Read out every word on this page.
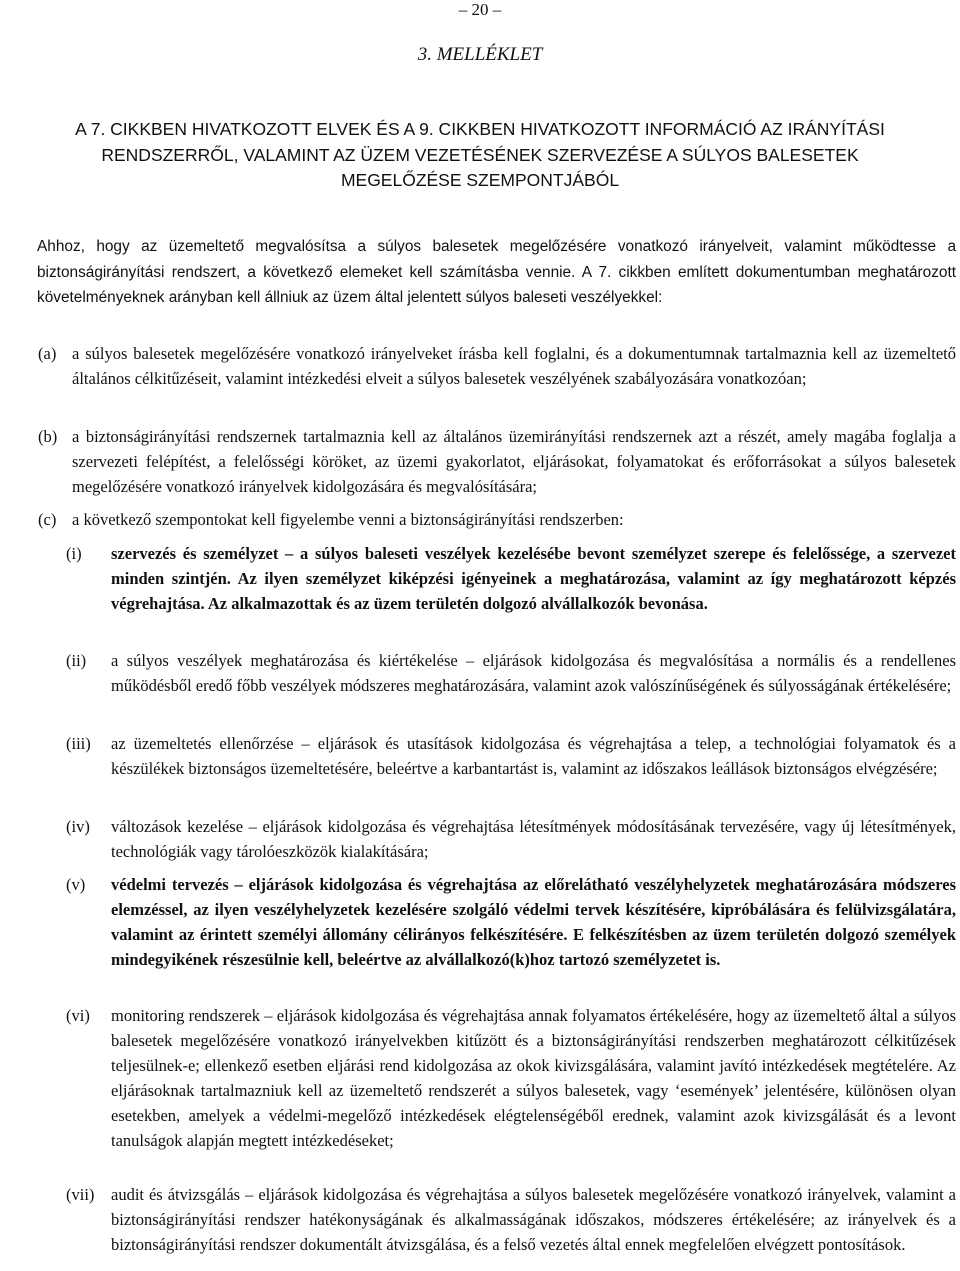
– 20 –
3. MELLÉKLET
A 7. CIKKBEN HIVATKOZOTT ELVEK ÉS A 9. CIKKBEN HIVATKOZOTT INFORMÁCIÓ AZ IRÁNYÍTÁSI
RENDSZERRŐL, VALAMINT AZ ÜZEM VEZETÉSÉNEK SZERVEZÉSE A SÚLYOS BALESETEK
MEGELŐZÉSE SZEMPONTJÁBÓL

Ahhoz, hogy az üzemeltető megvalósítsa a súlyos balesetek megelőzésére vonatkozó irányelveit, valamint működtesse a biztonságirányítási rendszert, a következő elemeket kell számításba vennie. A 7. cikkben említett dokumentumban meghatározott követelményeknek arányban kell állniuk az üzem által jelentett súlyos baleseti veszélyekkel:

(a) a súlyos balesetek megelőzésére vonatkozó irányelveket írásba kell foglalni, és a dokumentumnak tartalmaznia kell az üzemeltető általános célkitűzéseit, valamint intézkedési elveit a súlyos balesetek veszélyének szabályozására vonatkozóan;
(b) a biztonságirányítási rendszernek tartalmaznia kell az általános üzemirányítási rendszernek azt a részét, amely magába foglalja a szervezeti felépítést, a felelősségi köröket, az üzemi gyakorlatot, eljárásokat, folyamatokat és erőforrásokat a súlyos balesetek megelőzésére vonatkozó irányelvek kidolgozására és megvalósítására;
(c) a következő szempontokat kell figyelembe venni a biztonságirányítási rendszerben:
(i) szervezés és személyzet – a súlyos baleseti veszélyek kezelésébe bevont személyzet szerepe és felelőssége, a szervezet minden szintjén. Az ilyen személyzet kiképzési igényeinek a meghatározása, valamint az így meghatározott képzés végrehajtása. Az alkalmazottak és az üzem területén dolgozó alvállalkozók bevonása.
(ii) a súlyos veszélyek meghatározása és kiértékelése – eljárások kidolgozása és megvalósítása a normális és a rendellenes működésből eredő főbb veszélyek módszeres meghatározására, valamint azok valószínűségének és súlyosságának értékelésére;
(iii) az üzemeltetés ellenőrzése – eljárások és utasítások kidolgozása és végrehajtása a telep, a technológiai folyamatok és a készülékek biztonságos üzemeltetésére, beleértve a karbantartást is, valamint az időszakos leállások biztonságos elvégzésére;
(iv) változások kezelése – eljárások kidolgozása és végrehajtása létesítmények módosításának tervezésére, vagy új létesítmények, technológiák vagy tárolóeszközök kialakítására;
(v) védelmi tervezés – eljárások kidolgozása és végrehajtása az előrelátható veszélyhelyzetek meghatározására módszeres elemzéssel, az ilyen veszélyhelyzetek kezelésére szolgáló védelmi tervek készítésére, kipróbálására és felülvizsgálatára, valamint az érintett személyi állomány célirányos felkészítésére. E felkészítésben az üzem területén dolgozó személyek mindegyikének részesülnie kell, beleértve az alvállalkozó(k)hoz tartozó személyzetet is.
(vi) monitoring rendszerek – eljárások kidolgozása és végrehajtása annak folyamatos értékelésére, hogy az üzemeltető által a súlyos balesetek megelőzésére vonatkozó irányelvekben kitűzött és a biztonságirányítási rendszerben meghatározott célkitűzések teljesülnek-e; ellenkező esetben eljárási rend kidolgozása az okok kivizsgálására, valamint javító intézkedések megtételére. Az eljárásoknak tartalmazniuk kell az üzemeltető rendszerét a súlyos balesetek, vagy ‘események’ jelentésére, különösen olyan esetekben, amelyek a védelmi-megelőző intézkedések elégtelenségéből erednek, valamint azok kivizsgálását és a levont tanulságok alapján megtett intézkedéseket;
(vii) audit és átvizsgálás – eljárások kidolgozása és végrehajtása a súlyos balesetek megelőzésére vonatkozó irányelvek, valamint a biztonságirányítási rendszer hatékonyságának és alkalmasságának időszakos, módszeres értékelésére; az irányelvek és a biztonságirányítási rendszer dokumentált átvizsgálása, és a felső vezetés által ennek megfelelően elvégzett pontosítások.
